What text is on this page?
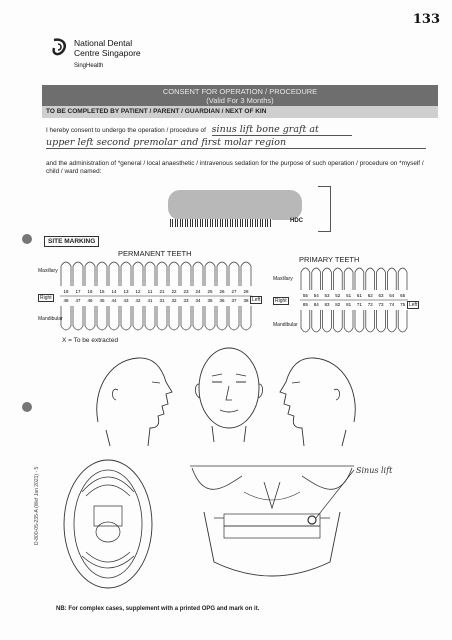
133
National Dental
Centre Singapore
SingHealth
CONSENT FOR OPERATION / PROCEDURE
(Valid For 3 Months)
TO BE COMPLETED BY PATIENT / PARENT / GUARDIAN / NEXT OF KIN
I hereby consent to undergo the operation / procedure of sinus lift bone graft at
upper left second premolar and first molar region
and the administration of *general / local anaesthetic / intravenous sedation for the purpose of such operation / procedure on *myself / child / ward named:
HDC
SITE MARKING
PERMANENT TEETH
PRIMARY TEETH
Maxillary
Mandibular
Right	Left
Maxillary
Mandibular
Right
Left
18 17 16 15 14 13 12 11 21 22 23 24 25 26 27 28
48 47 46 45 44 43 42 41 31 32 33 34 35 36 37 38
55 54 53 52 51 61 62 63 64 65
85 84 83 82 81 71 72 73 74 75
X = To be extracted
Sinus lift
NB: For complex cases, supplement with a printed OPG and mark on it.
D-800-05-235-A (Wef Jan 2021) - 5
